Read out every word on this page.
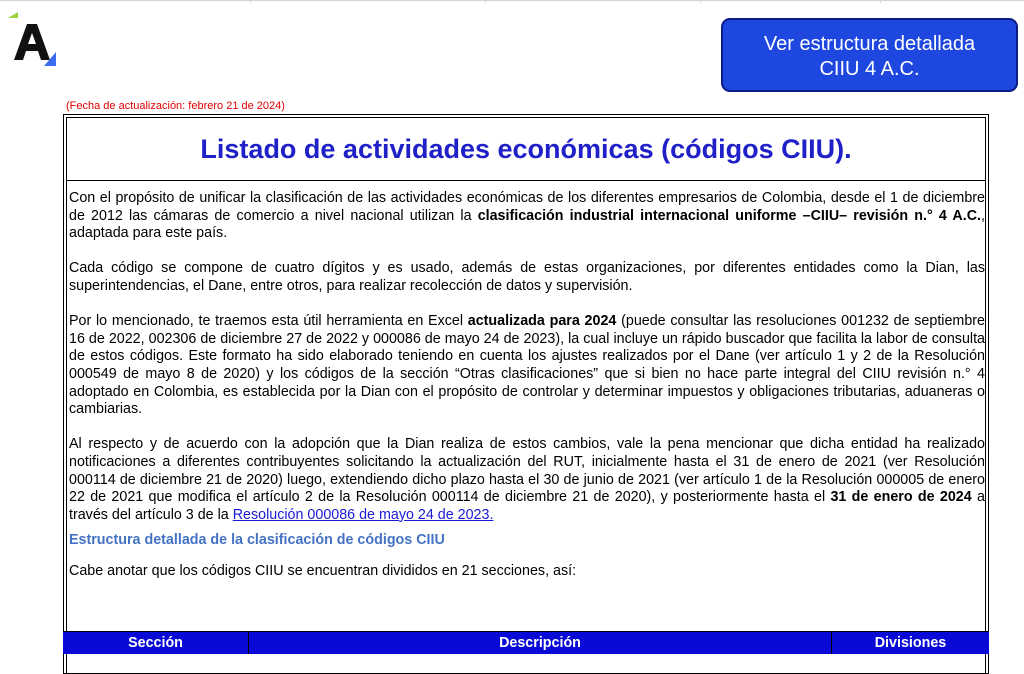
Ver estructura detallada
CIIU 4 A.C.
(Fecha de actualización: febrero 21 de 2024)
Listado de actividades económicas (códigos CIIU).

Con el propósito de unificar la clasificación de las actividades económicas de los diferentes empresarios de Colombia, desde el 1 de diciembre de 2012 las cámaras de comercio a nivel nacional utilizan la clasificación industrial internacional uniforme –CIIU– revisión n.° 4 A.C., adaptada para este país.

Cada código se compone de cuatro dígitos y es usado, además de estas organizaciones, por diferentes entidades como la Dian, las superintendencias, el Dane, entre otros, para realizar recolección de datos y supervisión.

Por lo mencionado, te traemos esta útil herramienta en Excel actualizada para 2024 (puede consultar las resoluciones 001232 de septiembre 16 de 2022, 002306 de diciembre 27 de 2022 y 000086 de mayo 24 de 2023), la cual incluye un rápido buscador que facilita la labor de consulta de estos códigos. Este formato ha sido elaborado teniendo en cuenta los ajustes realizados por el Dane (ver artículo 1 y 2 de la Resolución 000549 de mayo 8 de 2020) y los códigos de la sección “Otras clasificaciones” que si bien no hace parte integral del CIIU revisión n.° 4 adoptado en Colombia, es establecida por la Dian con el propósito de controlar y determinar impuestos y obligaciones tributarias, aduaneras o cambiarias.

Al respecto y de acuerdo con la adopción que la Dian realiza de estos cambios, vale la pena mencionar que dicha entidad ha realizado notificaciones a diferentes contribuyentes solicitando la actualización del RUT, inicialmente hasta el 31 de enero de 2021 (ver Resolución 000114 de diciembre 21 de 2020) luego, extendiendo dicho plazo hasta el 30 de junio de 2021 (ver artículo 1 de la Resolución 000005 de enero 22 de 2021 que modifica el artículo 2 de la Resolución 000114 de diciembre 21 de 2020), y posteriormente hasta el 31 de enero de 2024 a través del artículo 3 de la Resolución 000086 de mayo 24 de 2023.

Estructura detallada de la clasificación de códigos CIIU

Cabe anotar que los códigos CIIU se encuentran divididos en 21 secciones, así:

Sección	Descripción	Divisiones
